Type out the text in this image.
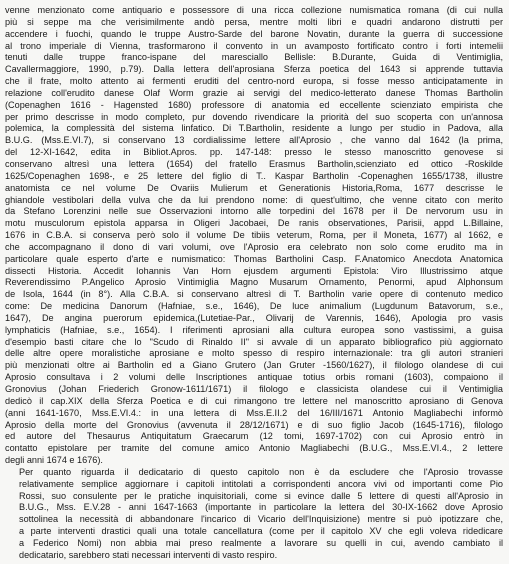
venne menzionato come antiquario e possessore di una ricca collezione numismatica romana (di cui nulla
più si seppe ma che verisimilmente andò persa, mentre molti libri e quadri andarono distrutti per
accendere i fuochi, quando le truppe Austro-Sarde del barone Novatin, durante la guerra di successione
al trono imperiale di Vienna, trasformarono il convento in un avamposto fortificato contro i forti intemelii
tenuti dalle truppe franco-ispane del maresciallo Bellisle: B.Durante, Guida di Ventimiglia,
Cavallermaggiore, 1990, p.79). Dalla lettera dell'aprosiana Sferza poetica del 1643 si apprende tuttavia
che il frate, molto attento ai fermenti eruditi del centro-nord europa, si fosse messo anticipatamente in
relazione coll'erudito danese Olaf Worm grazie ai servigi del medico-letterato danese Thomas Bartholin
(Copenaghen 1616 - Hagensted 1680) professore di anatomia ed eccellente scienziato empirista che
per primo descrisse in modo completo, pur dovendo rivendicare la priorità del suo scoperta con un'annosa
polemica, la complessità del sistema linfatico. Di T.Bartholin, residente a lungo per studio in Padova, alla
B.U.G. (Mss.E.VI.7), si conservano 13 cordialissime lettere all'Aprosio , che vanno dal 1642 (la prima,
del 12-XI-1642, edita in Bibliot.Apros. pp. 147-148: presso le stesso manoscritto genovese si
conservano altresì una lettera (1654) del fratello Erasmus Bartholin,scienziato ed ottico -Roskilde
1625/Copenaghen 1698-, e 25 lettere del figlio di T.. Kaspar Bartholin -Copenaghen 1655/1738, illustre
anatomista ce nel volume De Ovariis Mulierum et Generationis Historia,Roma, 1677 descrisse le
ghiandole vestibolari della vulva che da lui prendono nome: di quest'ultimo, che venne citato con merito
da Stefano Lorenzini nelle sue Osservazioni intorno alle torpedini del 1678 per il De nervorum usu in
motu musculorum epistola apparsa in Oligeri Jacobaei, De ranis observationes, Parisii, appd L.Billaine,
1676 in C.B.A. si conserva però solo il volume De tibiis veterum, Roma, per il Moneta, 1677) al 1662, e
che accompagnano il dono di vari volumi, ove l'Aprosio era celebrato non solo come erudito ma in
particolare quale esperto d'arte e numismatico: Thomas Bartholini Casp. F.Anatomico Anecdota Anatomica
dissecti Historia. Accedit Iohannis Van Horn ejusdem argumenti Epistola: Viro Illustrissimo atque
Reverendissimo P.Angelico Aprosio Vintimiglia Magno Musarum Ornamento, Penormi, apud Alphonsum
de Isola, 1644 (in 8°). Alla C.B.A. si conservano altresì di T. Bartholin varie opere di contenuto medico
come: De medicina Danorum (Hafniae, s.e., 1646), De luce animalium (Lugdunum Batavorum, s.e.,
1647), De angina puerorum epidemica,(Lutetiae-Par., Olivarij de Varennis, 1646), Apologia pro vasis
lymphaticis (Hafniae, s.e., 1654). I riferimenti aprosiani alla cultura europea sono vastissimi, a guisa
d'esempio basti citare che lo "Scudo di Rinaldo II" si avvale di un apparato bibliografico più aggiornato
delle altre opere moralistiche aprosiane e molto spesso di respiro internazionale: tra gli autori stranieri
più menzionati oltre ai Bartholin ed a Giano Grutero (Jan Gruter -1560/1627), il filologo olandese di cui
Aprosio consultava i 2 volumi delle Inscriptiones antiquae totius orbis romani (1603), compaiono il
Gronovius (Johan Friederich Gronow-1611/1671) il filologo e classicista olandese cui il Ventimiglia
dedicò il cap.XIX della Sferza Poetica e di cui rimangono tre lettere nel manoscritto aprosiano di Genova
(anni 1641-1670, Mss.E.VI.4.: in una lettera di Mss.E.II.2 del 16/III/1671 Antonio Magliabechi informò
Aprosio della morte del Gronovius (avvenuta il 28/12/1671) e di suo figlio Jacob (1645-1716), filologo
ed autore del Thesaurus Antiquitatum Graecarum (12 tomi, 1697-1702) con cui Aprosio entrò in
contatto epistolare per tramite del comune amico Antonio Magliabechi (B.U.G., Mss.E.VI.4., 2 lettere
degli anni 1674 e 1676).
Per quanto riguarda il dedicatario di questo capitolo non è da escludere che l'Aprosio trovasse
relativamente semplice aggiornare i capitoli intitolati a corrispondenti ancora vivi od importanti come Pio
Rossi, suo consulente per le pratiche inquisitoriali, come si evince dalle 5 lettere di questi all'Aprosio in
B.U.G., Mss. E.V.28 - anni 1647-1663 (importante in particolare la lettera del 30-IX-1662 dove Aprosio
sottolinea la necessità di abbandonare l'incarico di Vicario dell'Inquisizione) mentre si può ipotizzare che,
a parte interventi drastici quali una totale cancellatura (come per il capitolo XV che egli voleva ridedicare
a Federico Nomi) non abbia mai preso realmente a lavorare su quelli in cui, avendo cambiato il
dedicatario, sarebbero stati necessari interventi di vasto respiro.
